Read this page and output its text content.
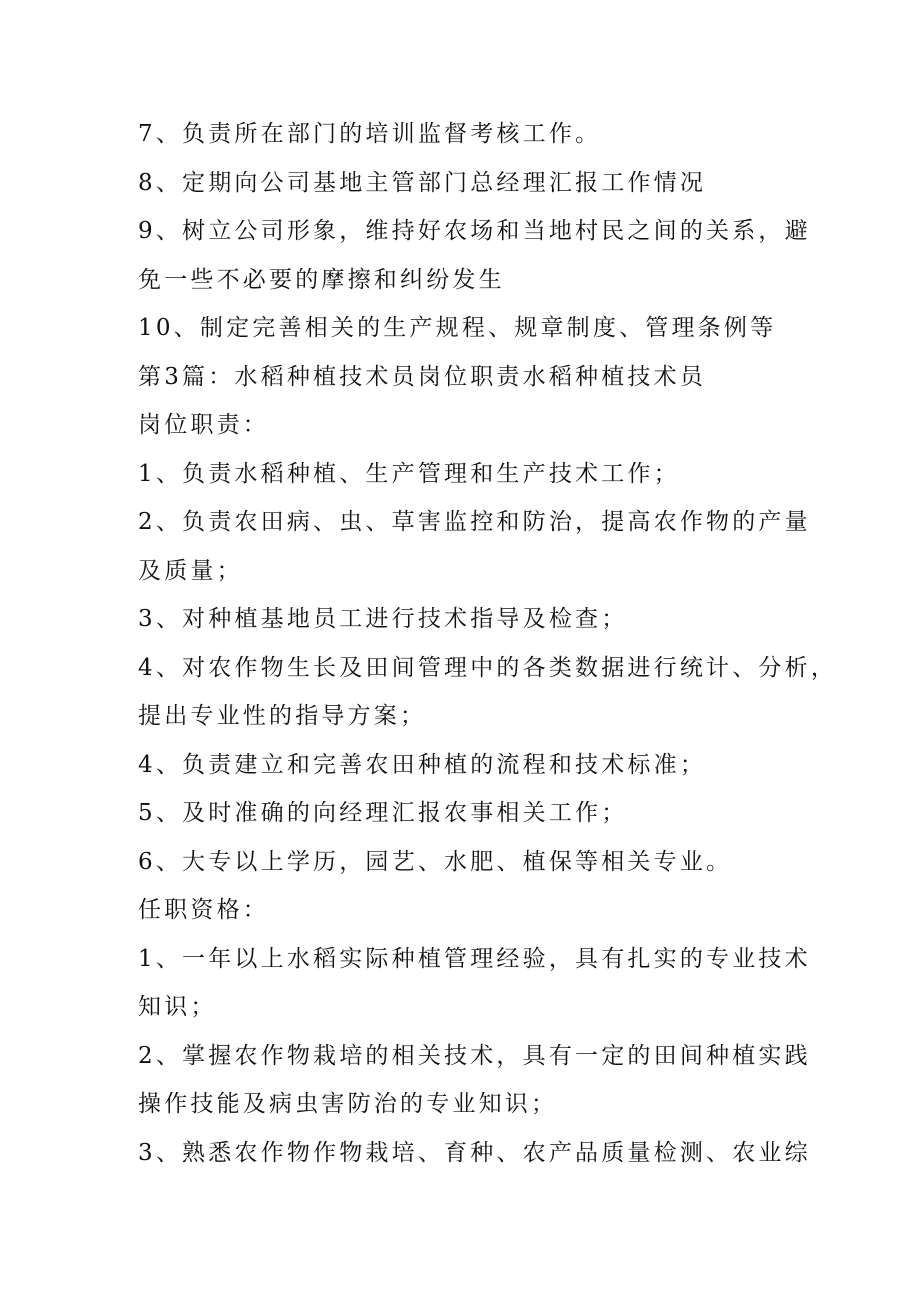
7、负责所在部门的培训监督考核工作。
8、定期向公司基地主管部门总经理汇报工作情况
9、树立公司形象，维持好农场和当地村民之间的关系，避
免一些不必要的摩擦和纠纷发生
10、制定完善相关的生产规程、规章制度、管理条例等
第3篇：水稻种植技术员岗位职责水稻种植技术员
岗位职责：
1、负责水稻种植、生产管理和生产技术工作；
2、负责农田病、虫、草害监控和防治，提高农作物的产量
及质量；
3、对种植基地员工进行技术指导及检查；
4、对农作物生长及田间管理中的各类数据进行统计、分析，
提出专业性的指导方案；
4、负责建立和完善农田种植的流程和技术标准；
5、及时准确的向经理汇报农事相关工作；
6、大专以上学历，园艺、水肥、植保等相关专业。
任职资格：
1、一年以上水稻实际种植管理经验，具有扎实的专业技术
知识；
2、掌握农作物栽培的相关技术，具有一定的田间种植实践
操作技能及病虫害防治的专业知识；
3、熟悉农作物作物栽培、育种、农产品质量检测、农业综
